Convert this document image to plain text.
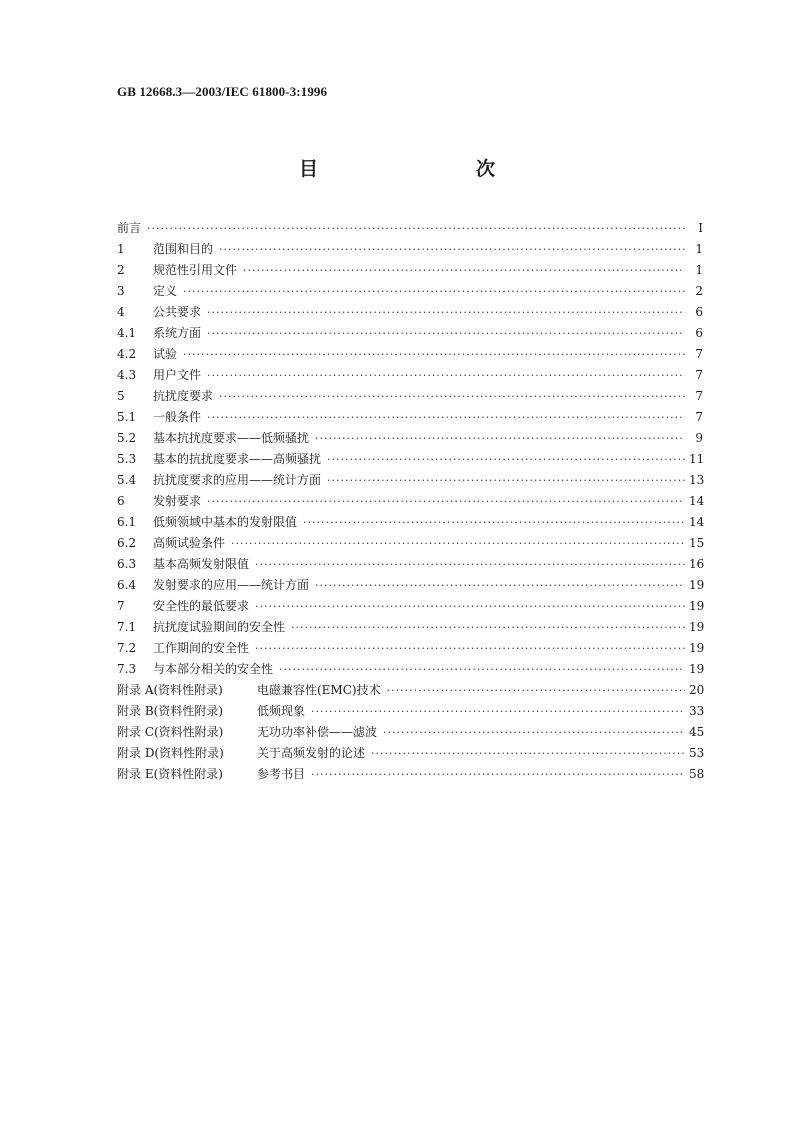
GB 12668.3—2003/IEC 61800-3:1996
目　　次
前言 ·····	I
1	范围和目的 ·····	1
2	规范性引用文件 ·····	1
3	定义 ·····	2
4	公共要求 ·····	6
4.1	系统方面 ·····	6
4.2	试验 ·····	7
4.3	用户文件 ·····	7
5	抗扰度要求 ·····	7
5.1	一般条件 ·····	7
5.2	基本抗扰度要求——低频骚扰 ·····	9
5.3	基本的抗扰度要求——高频骚扰 ·····	11
5.4	抗扰度要求的应用——统计方面 ·····	13
6	发射要求 ·····	14
6.1	低频领域中基本的发射限值 ·····	14
6.2	高频试验条件 ·····	15
6.3	基本高频发射限值 ·····	16
6.4	发射要求的应用——统计方面 ·····	19
7	安全性的最低要求 ·····	19
7.1	抗扰度试验期间的安全性 ·····	19
7.2	工作期间的安全性 ·····	19
7.3	与本部分相关的安全性 ·····	19
附录 A(资料性附录)	电磁兼容性(EMC)技术 ·····	20
附录 B(资料性附录)	低频现象 ·····	33
附录 C(资料性附录)	无功功率补偿——滤波 ·····	45
附录 D(资料性附录)	关于高频发射的论述 ·····	53
附录 E(资料性附录)	参考书目 ·····	58
